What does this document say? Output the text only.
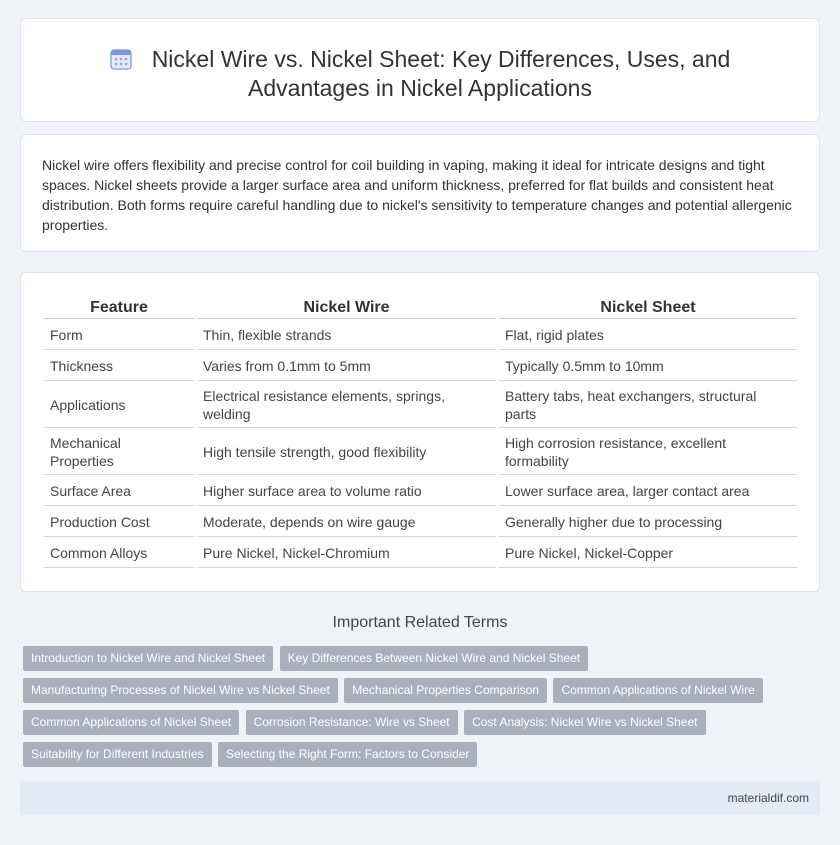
Nickel Wire vs. Nickel Sheet: Key Differences, Uses, and Advantages in Nickel Applications

Nickel wire offers flexibility and precise control for coil building in vaping, making it ideal for intricate designs and tight spaces. Nickel sheets provide a larger surface area and uniform thickness, preferred for flat builds and consistent heat distribution. Both forms require careful handling due to nickel's sensitivity to temperature changes and potential allergenic properties.

Feature	Nickel Wire	Nickel Sheet
Form	Thin, flexible strands	Flat, rigid plates
Thickness	Varies from 0.1mm to 5mm	Typically 0.5mm to 10mm
Applications	Electrical resistance elements, springs, welding	Battery tabs, heat exchangers, structural parts
Mechanical Properties	High tensile strength, good flexibility	High corrosion resistance, excellent formability
Surface Area	Higher surface area to volume ratio	Lower surface area, larger contact area
Production Cost	Moderate, depends on wire gauge	Generally higher due to processing
Common Alloys	Pure Nickel, Nickel-Chromium	Pure Nickel, Nickel-Copper
Important Related Terms
Introduction to Nickel Wire and Nickel Sheet Key Differences Between Nickel Wire and Nickel Sheet
Manufacturing Processes of Nickel Wire vs Nickel Sheet Mechanical Properties Comparison Common Applications of Nickel Wire
Common Applications of Nickel Sheet Corrosion Resistance: Wire vs Sheet Cost Analysis: Nickel Wire vs Nickel Sheet
Suitability for Different Industries Selecting the Right Form: Factors to Consider
materialdif.com
